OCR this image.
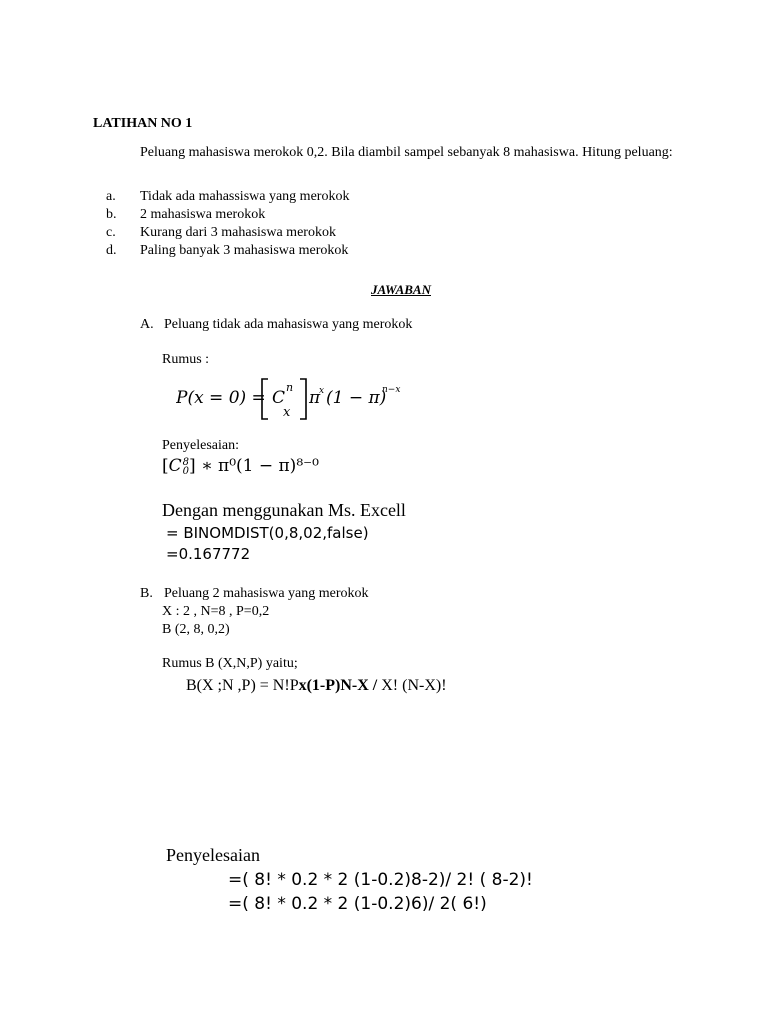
LATIHAN NO 1
Peluang mahasiswa merokok 0,2. Bila diambil sampel sebanyak 8 mahasiswa. Hitung peluang:
a. Tidak ada mahassiswa yang merokok
b. 2 mahasiswa merokok
c. Kurang dari 3 mahasiswa merokok
d. Paling banyak 3 mahasiswa merokok
JAWABAN
A. Peluang tidak ada mahasiswa yang merokok
Rumus :
P(x = 0) = C
n
x
π
x (1 − π)
n−x
Penyelesaian:
[C 8
0 ] ∗ π⁰(1 − π)⁸⁻⁰
Dengan menggunakan Ms. Excell
= BINOMDIST(0,8,02,false)
=0.167772
B. Peluang 2 mahasiswa yang merokok
X : 2 , N=8 , P=0,2
B (2, 8, 0,2)
Rumus B (X,N,P) yaitu;
B(X ;N ,P) = N!Px(1-P)N-X / X! (N-X)!
Penyelesaian
=( 8! * 0.2 * 2 (1-0.2)8-2)/ 2! ( 8-2)!
=( 8! * 0.2 * 2 (1-0.2)6)/ 2( 6!)
